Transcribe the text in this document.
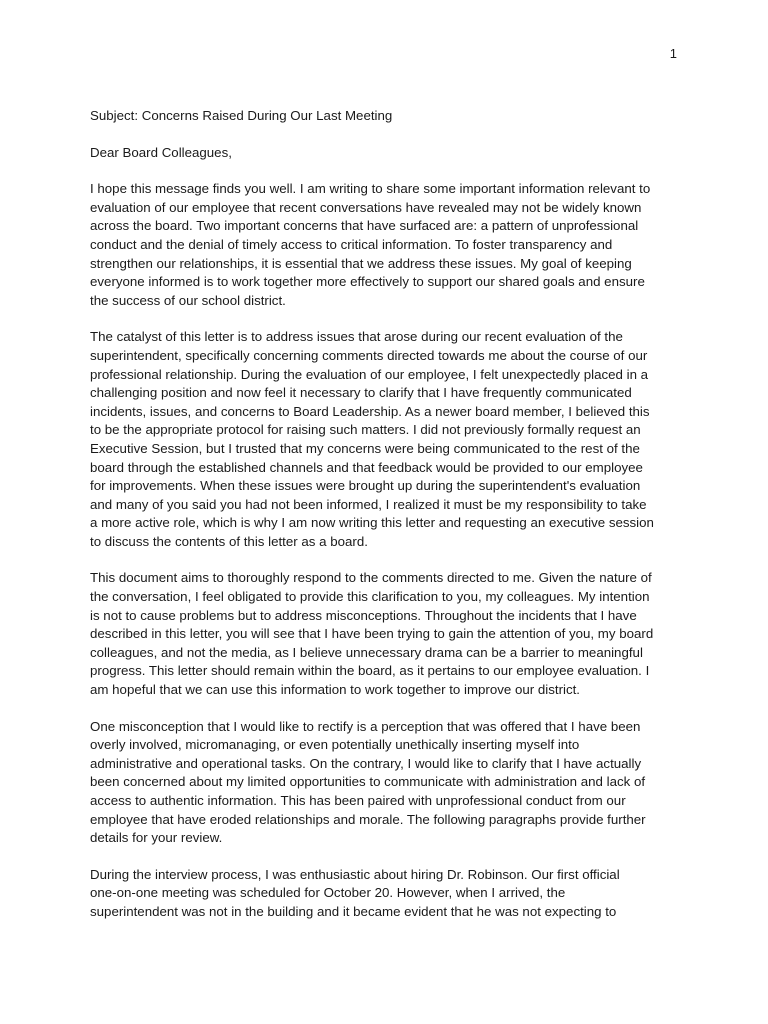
1

Subject: Concerns Raised During Our Last Meeting

Dear Board Colleagues,

I hope this message finds you well. I am writing to share some important information relevant to
evaluation of our employee that recent conversations have revealed may not be widely known
across the board. Two important concerns that have surfaced are: a pattern of unprofessional
conduct and the denial of timely access to critical information. To foster transparency and
strengthen our relationships, it is essential that we address these issues. My goal of keeping
everyone informed is to work together more effectively to support our shared goals and ensure
the success of our school district.

The catalyst of this letter is to address issues that arose during our recent evaluation of the
superintendent, specifically concerning comments directed towards me about the course of our
professional relationship. During the evaluation of our employee, I felt unexpectedly placed in a
challenging position and now feel it necessary to clarify that I have frequently communicated
incidents, issues, and concerns to Board Leadership. As a newer board member, I believed this
to be the appropriate protocol for raising such matters. I did not previously formally request an
Executive Session, but I trusted that my concerns were being communicated to the rest of the
board through the established channels and that feedback would be provided to our employee
for improvements. When these issues were brought up during the superintendent's evaluation
and many of you said you had not been informed, I realized it must be my responsibility to take
a more active role, which is why I am now writing this letter and requesting an executive session
to discuss the contents of this letter as a board.

This document aims to thoroughly respond to the comments directed to me. Given the nature of
the conversation, I feel obligated to provide this clarification to you, my colleagues. My intention
is not to cause problems but to address misconceptions. Throughout the incidents that I have
described in this letter, you will see that I have been trying to gain the attention of you, my board
colleagues, and not the media, as I believe unnecessary drama can be a barrier to meaningful
progress. This letter should remain within the board, as it pertains to our employee evaluation. I
am hopeful that we can use this information to work together to improve our district.

One misconception that I would like to rectify is a perception that was offered that I have been
overly involved, micromanaging, or even potentially unethically inserting myself into
administrative and operational tasks. On the contrary, I would like to clarify that I have actually
been concerned about my limited opportunities to communicate with administration and lack of
access to authentic information. This has been paired with unprofessional conduct from our
employee that have eroded relationships and morale. The following paragraphs provide further
details for your review.

During the interview process, I was enthusiastic about hiring Dr. Robinson. Our first official
one-on-one meeting was scheduled for October 20. However, when I arrived, the
superintendent was not in the building and it became evident that he was not expecting to
